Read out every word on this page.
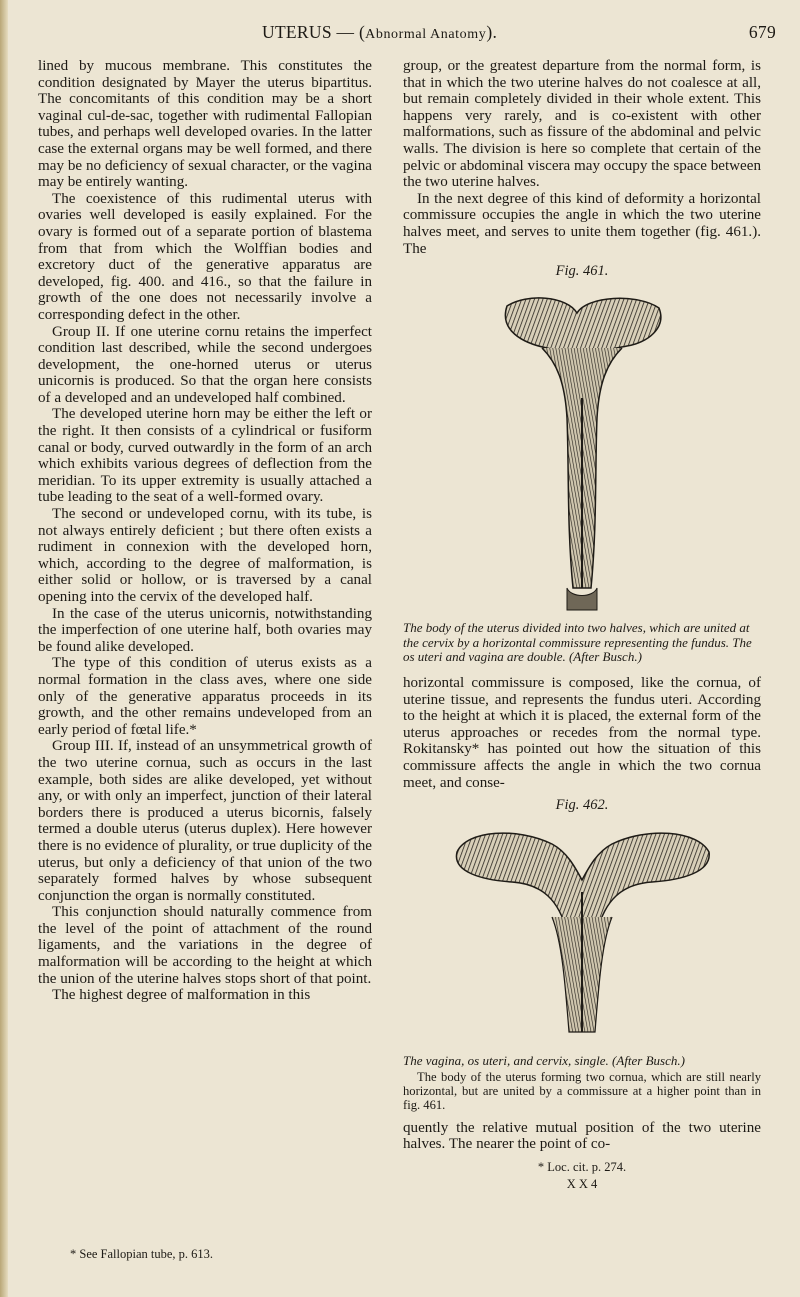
UTERUS — (Abnormal Anatomy).	679

lined by mucous membrane. This constitutes the condition designated by Mayer the uterus bipartitus. The concomitants of this condition may be a short vaginal cul-de-sac, together with rudimental Fallopian tubes, and perhaps well developed ovaries. In the latter case the external organs may be well formed, and there may be no deficiency of sexual character, or the vagina may be entirely wanting.

The coexistence of this rudimental uterus with ovaries well developed is easily explained. For the ovary is formed out of a separate portion of blastema from that from which the Wolffian bodies and excretory duct of the generative apparatus are developed, fig. 400. and 416., so that the failure in growth of the one does not necessarily involve a corresponding defect in the other.

Group II. If one uterine cornu retains the imperfect condition last described, while the second undergoes development, the one-horned uterus or uterus unicornis is produced. So that the organ here consists of a developed and an undeveloped half combined.

The developed uterine horn may be either the left or the right. It then consists of a cylindrical or fusiform canal or body, curved outwardly in the form of an arch which exhibits various degrees of deflection from the meridian. To its upper extremity is usually attached a tube leading to the seat of a well-formed ovary.

The second or undeveloped cornu, with its tube, is not always entirely deficient ; but there often exists a rudiment in connexion with the developed horn, which, according to the degree of malformation, is either solid or hollow, or is traversed by a canal opening into the cervix of the developed half.

In the case of the uterus unicornis, notwithstanding the imperfection of one uterine half, both ovaries may be found alike developed.

The type of this condition of uterus exists as a normal formation in the class aves, where one side only of the generative apparatus proceeds in its growth, and the other remains undeveloped from an early period of fœtal life.*

Group III. If, instead of an unsymmetrical growth of the two uterine cornua, such as occurs in the last example, both sides are alike developed, yet without any, or with only an imperfect, junction of their lateral borders there is produced a uterus bicornis, falsely termed a double uterus (uterus duplex). Here however there is no evidence of plurality, or true duplicity of the uterus, but only a deficiency of that union of the two separately formed halves by whose subsequent conjunction the organ is normally constituted.

This conjunction should naturally commence from the level of the point of attachment of the round ligaments, and the variations in the degree of malformation will be according to the height at which the union of the uterine halves stops short of that point.

The highest degree of malformation in this

* See Fallopian tube, p. 613.

group, or the greatest departure from the normal form, is that in which the two uterine halves do not coalesce at all, but remain completely divided in their whole extent. This happens very rarely, and is co-existent with other malformations, such as fissure of the abdominal and pelvic walls. The division is here so complete that certain of the pelvic or abdominal viscera may occupy the space between the two uterine halves.

In the next degree of this kind of deformity a horizontal commissure occupies the angle in which the two uterine halves meet, and serves to unite them together (fig. 461.). The

Fig. 461.
The body of the uterus divided into two halves, which are united at the cervix by a horizontal commissure representing the fundus. The os uteri and vagina are double. (After Busch.)

horizontal commissure is composed, like the cornua, of uterine tissue, and represents the fundus uteri. According to the height at which it is placed, the external form of the uterus approaches or recedes from the normal type. Rokitansky* has pointed out how the situation of this commissure affects the angle in which the two cornua meet, and conse-

Fig. 462.
The vagina, os uteri, and cervix, single. (After Busch.)
The body of the uterus forming two cornua, which are still nearly horizontal, but are united by a commissure at a higher point than in fig. 461.

quently the relative mutual position of the two uterine halves. The nearer the point of co-

* Loc. cit. p. 274.
X X 4
